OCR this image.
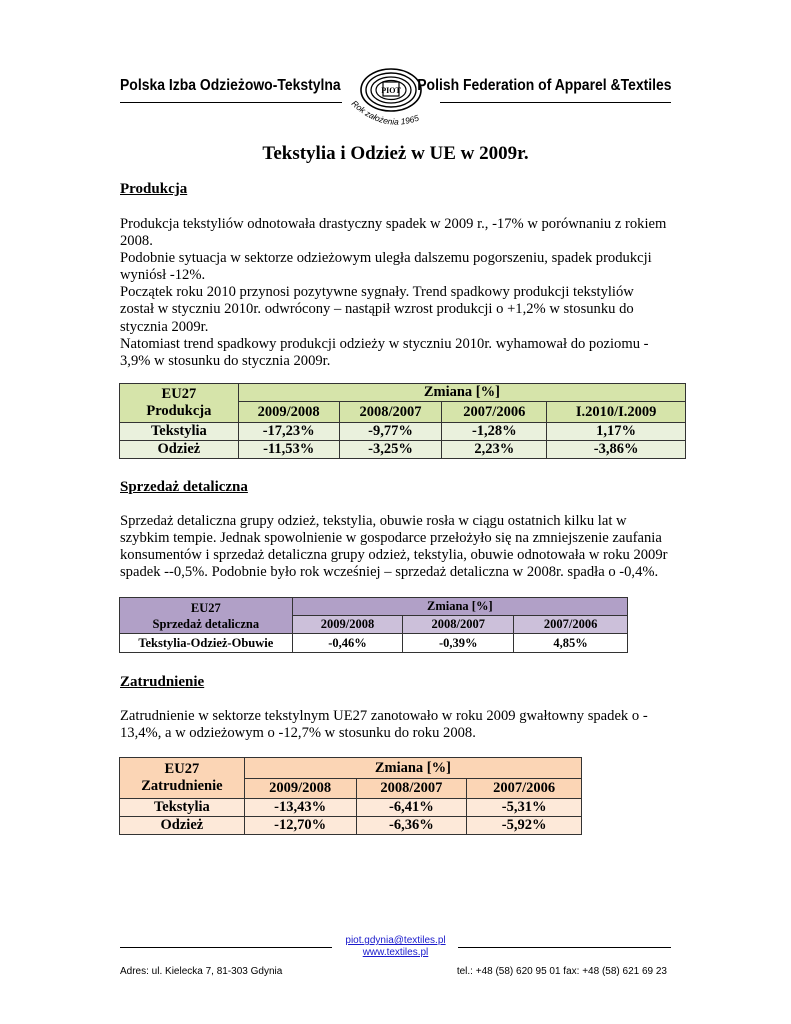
Polska Izba Odzieżowo-Tekstylna	Polish Federation of Apparel &Textiles
PIOT
Rok założenia 1965
Tekstylia i Odzież w UE w 2009r.
Produkcja
Produkcja tekstyliów odnotowała drastyczny spadek w 2009 r., -17% w porównaniu z rokiem
2008.
Podobnie sytuacja w sektorze odzieżowym uległa dalszemu pogorszeniu, spadek produkcji
wyniósł -12%.
Początek roku 2010 przynosi pozytywne sygnały. Trend spadkowy produkcji tekstyliów
został w styczniu 2010r. odwrócony – nastąpił wzrost produkcji o +1,2% w stosunku do
stycznia 2009r.
Natomiast trend spadkowy produkcji odzieży w styczniu 2010r. wyhamował do poziomu -
3,9% w stosunku do stycznia 2009r.
EU27
Produkcja	Zmiana [%]			
	2009/2008	2008/2007	2007/2006	I.2010/I.2009
Tekstylia	-17,23%	-9,77%	-1,28%	1,17%
Odzież	-11,53%	-3,25%	2,23%	-3,86%
Sprzedaż detaliczna
Sprzedaż detaliczna grupy odzież, tekstylia, obuwie rosła w ciągu ostatnich kilku lat w
szybkim tempie. Jednak spowolnienie w gospodarce przełożyło się na zmniejszenie zaufania
konsumentów i sprzedaż detaliczna grupy odzież, tekstylia, obuwie odnotowała w roku 2009r
spadek --0,5%. Podobnie było rok wcześniej – sprzedaż detaliczna w 2008r. spadła o -0,4%.
EU27
Sprzedaż detaliczna	Zmiana [%]		
	2009/2008	2008/2007	2007/2006
Tekstylia-Odzież-Obuwie	-0,46%	-0,39%	4,85%
Zatrudnienie
Zatrudnienie w sektorze tekstylnym UE27 zanotowało w roku 2009 gwałtowny spadek o -
13,4%, a w odzieżowym o -12,7% w stosunku do roku 2008.
EU27
Zatrudnienie	Zmiana [%]		
	2009/2008	2008/2007	2007/2006
Tekstylia	-13,43%	-6,41%	-5,31%
Odzież	-12,70%	-6,36%	-5,92%
piot.gdynia@textiles.pl
www.textiles.pl
Adres: ul. Kielecka 7, 81-303 Gdynia	tel.: +48 (58) 620 95 01 fax: +48 (58) 621 69 23
